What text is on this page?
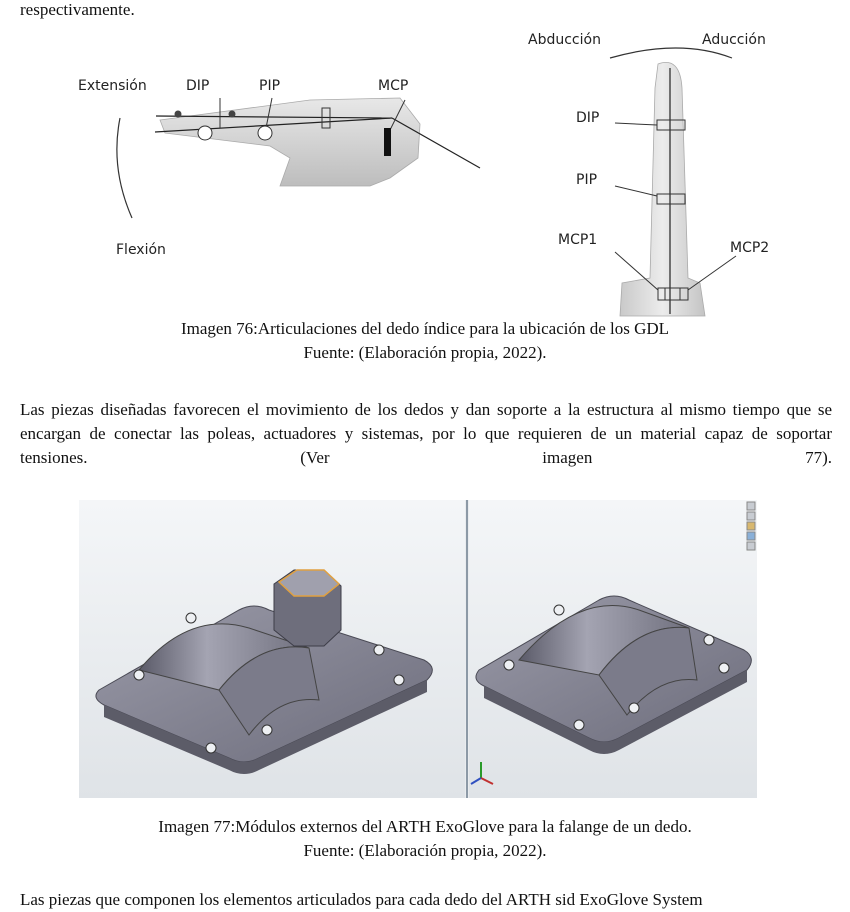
respectivamente.
Extensión
Flexión
DIP	PIP	MCP
Abducción	Aducción
DIP
PIP
MCP1	MCP2
Imagen 76:Articulaciones del dedo índice para la ubicación de los GDL
Fuente: (Elaboración propia, 2022).
Las piezas diseñadas favorecen el movimiento de los dedos y dan soporte a la estructura al mismo tiempo que se encargan de conectar las poleas, actuadores y sistemas, por lo que requieren de un material capaz de soportar tensiones. (Ver imagen 77).
Imagen 77:Módulos externos del ARTH ExoGlove para la falange de un dedo.
Fuente: (Elaboración propia, 2022).
Las piezas que componen los elementos articulados para cada dedo del ARTH sid ExoGlove System
